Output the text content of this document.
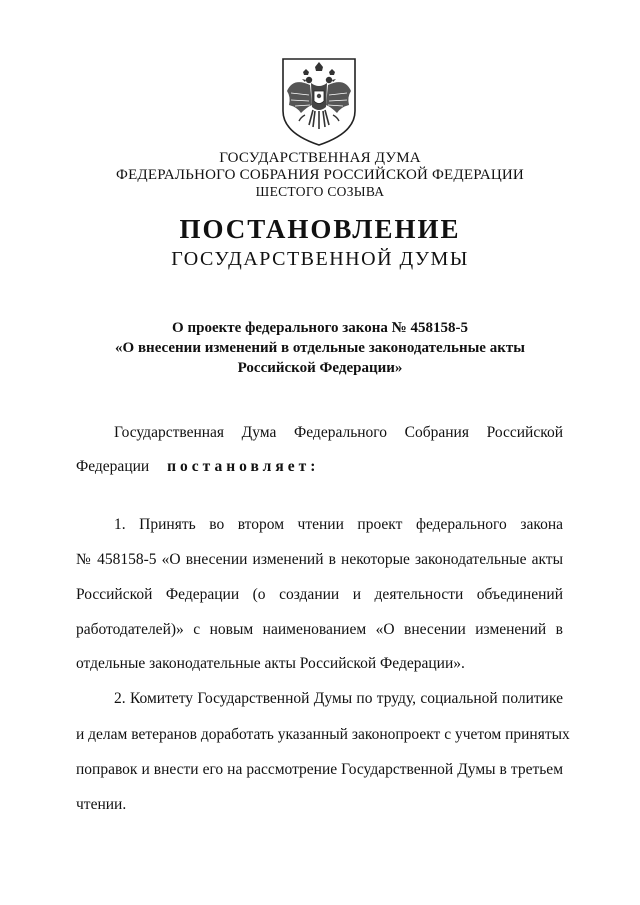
ГОСУДАРСТВЕННАЯ ДУМА
ФЕДЕРАЛЬНОГО СОБРАНИЯ РОССИЙСКОЙ ФЕДЕРАЦИИ
ШЕСТОГО СОЗЫВА
ПОСТАНОВЛЕНИЕ
ГОСУДАРСТВЕННОЙ ДУМЫ
О проекте федерального закона № 458158-5
«О внесении изменений в отдельные законодательные акты
Российской Федерации»
Государственная Дума Федерального Собрания Российской
Федерации постановляет:
1. Принять во втором чтении проект федерального закона
№ 458158-5 «О внесении изменений в некоторые законодательные акты
Российской Федерации (о создании и деятельности объединений
работодателей)» с новым наименованием «О внесении изменений в
отдельные законодательные акты Российской Федерации».
2. Комитету Государственной Думы по труду, социальной политике
и делам ветеранов доработать указанный законопроект с учетом принятых
поправок и внести его на рассмотрение Государственной Думы в третьем
чтении.
